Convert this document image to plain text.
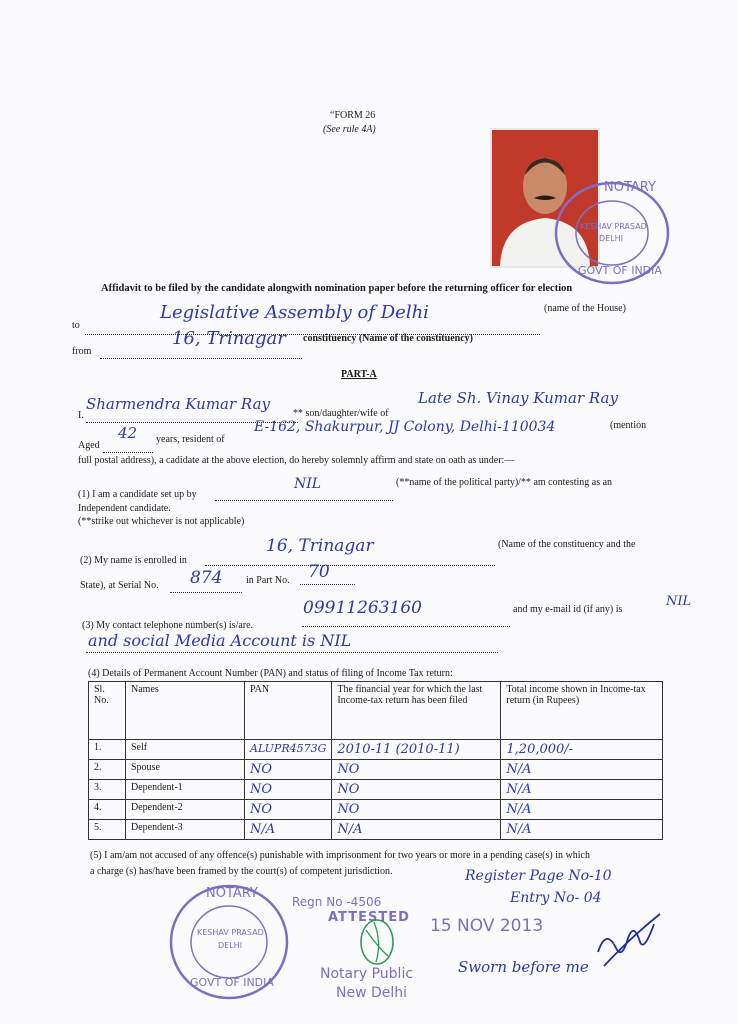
“FORM 26
(See rule 4A)
NOTARY
KESHAV PRASAD
DELHI
GOVT OF INDIA
Affidavit to be filed by the candidate alongwith nomination paper before the returning officer for election
to
Legislative Assembly of Delhi	(name of the House)
from
16, Trinagar constituency (Name of the constituency)
PART-A
I.
Sharmendra Kumar Ray
** son/daughter/wife of
Late Sh. Vinay Kumar Ray
Aged
42 years, resident of
E-162, Shakurpur, JJ Colony, Delhi-110034	(mention
full postal address), a cadidate at the above election, do hereby solemnly affirm and state on oath as under:—
(1) I am a candidate set up by
NIL	(**name of the political party)/** am contesting as an
Independent candidate.
(**strike out whichever is not applicable)
(2) My name is enrolled in
16, Trinagar	(Name of the constituency and the
State), at Serial No. 874 in Part No. 70
(3) My contact telephone number(s) is/are.
09911263160	and my e-mail id (if any) is
NIL
and social Media Account is NIL
(4) Details of Permanent Account Number (PAN) and status of filing of Income Tax return:
Sl. No.	Names	PAN	The financial year for which the last Income-tax return has been filed	Total income shown in Income-tax return (in Rupees)
1.	Self	ALUPR4573G	2010-11 (2010-11)	1,20,000/-
2.	Spouse	NO	NO	N/A
3.	Dependent-1	NO	NO	N/A
4.	Dependent-2	NO	NO	N/A
5.	Dependent-3	N/A	N/A	N/A
(5) I am/am not accused of any offence(s) punishable with imprisonment for two years or more in a pending case(s) in which
a charge (s) has/have been framed by the court(s) of competent jurisdiction.
NOTARY
KESHAV PRASAD
DELHI
GOVT OF INDIA
Regn No -4506
ATTESTED 15 NOV 2013
Notary Public
New Delhi
Register Page No-10
Entry No- 04
Sworn before me
